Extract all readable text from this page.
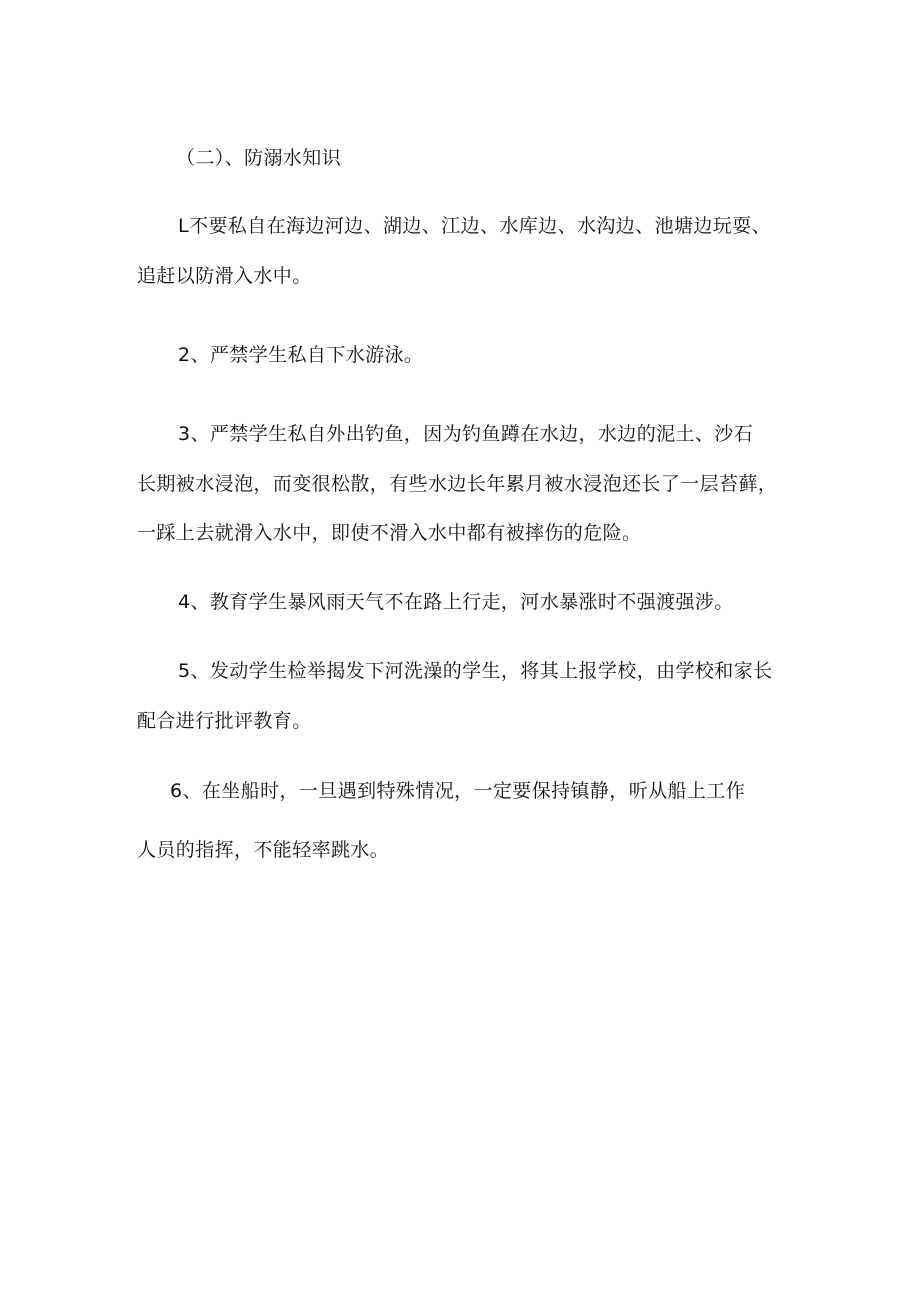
（二）、防溺水知识
L不要私自在海边河边、湖边、江边、水库边、水沟边、池塘边玩耍、
追赶以防滑入水中。
2、严禁学生私自下水游泳。
3、严禁学生私自外出钓鱼，因为钓鱼蹲在水边，水边的泥土、沙石
长期被水浸泡，而变很松散，有些水边长年累月被水浸泡还长了一层苔藓，
一踩上去就滑入水中，即使不滑入水中都有被摔伤的危险。
4、教育学生暴风雨天气不在路上行走，河水暴涨时不强渡强涉。
5、发动学生检举揭发下河洗澡的学生，将其上报学校，由学校和家长
配合进行批评教育。
6、在坐船时，一旦遇到特殊情况，一定要保持镇静，听从船上工作
人员的指挥，不能轻率跳水。
